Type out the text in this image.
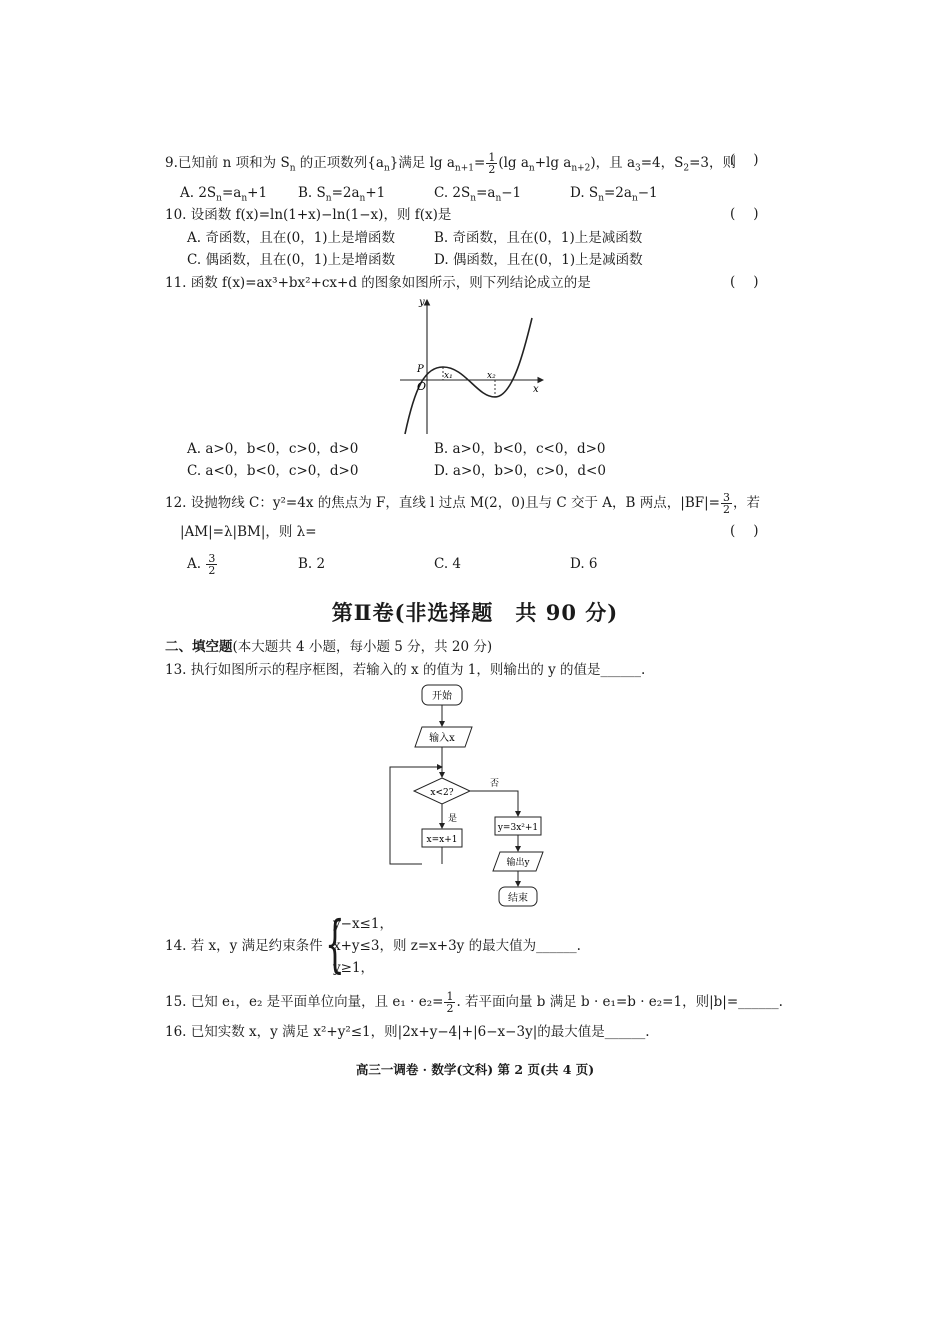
9.已知前 n 项和为 $S_n$ 的正项数列$\{a_n\}$满足 $\lg a_{n+1}= \frac{1}{2} (\lg$ $a_n+\lg$ $a_{n+2}$)，且 $a_3=4$，$S_2=3$，则
()
A. $2S_n=a_n+1$ B. $S_n=2a_n+1$	C. $2S_n=a_n-1$	D. $S_n=2a_n-1$
10. 设函数 f(x)=ln(1+x)−ln(1−x)，则 f(x)是	()
A. 奇函数，且在(0，1)上是增函数	B. 奇函数，且在(0，1)上是减函数
C. 偶函数，且在(0，1)上是增函数	D. 偶函数，且在(0，1)上是减函数
11. 函数 f(x)=ax³+bx²+cx+d 的图象如图所示，则下列结论成立的是	()
y
x
O
P
x₁	x₂
A. a>0，b<0，c>0，d>0	B. a>0，b<0，c<0，d>0
C. a<0，b<0，c>0，d>0	D. a>0，b>0，c>0，d<0
12. 设抛物线 C：y²=4x 的焦点为 F，直线 l 过点 M(2，0)且与 C 交于 A，B 两点，$|BF|= \frac{3}{2}$ ，若
|AM|=λ|BM|，则 λ=	()
A. $\frac{3}{2}$	B. 2	C. 4	D. 6
第Ⅱ卷(非选择题　共 90 分)
二、填空题(本大题共 4 小题，每小题 5 分，共 20 分)
13. 执行如图所示的程序框图，若输入的 x 的值为 1，则输出的 y 的值是______.
开始
输入x
x<2?
是
x=x+1
否
y=3x²+1
输出y
结束
14. 若 x，y 满足约束条件 {
y−x≤1，
x+y≤3，则 z=x+3y 的最大值为______.
y≥1，
15. 已知 e₁，e₂ 是平面单位向量，且 $e_1 \cdot e_2= \frac{1}{2}$ . 若平面向量 b 满足 b · e₁=b · e₂=1，则|b|=______.
16. 已知实数 x，y 满足 x²+y²≤1，则|2x+y−4|+|6−x−3y|的最大值是______.
高三一调卷 · 数学(文科) 第 2 页(共 4 页)
